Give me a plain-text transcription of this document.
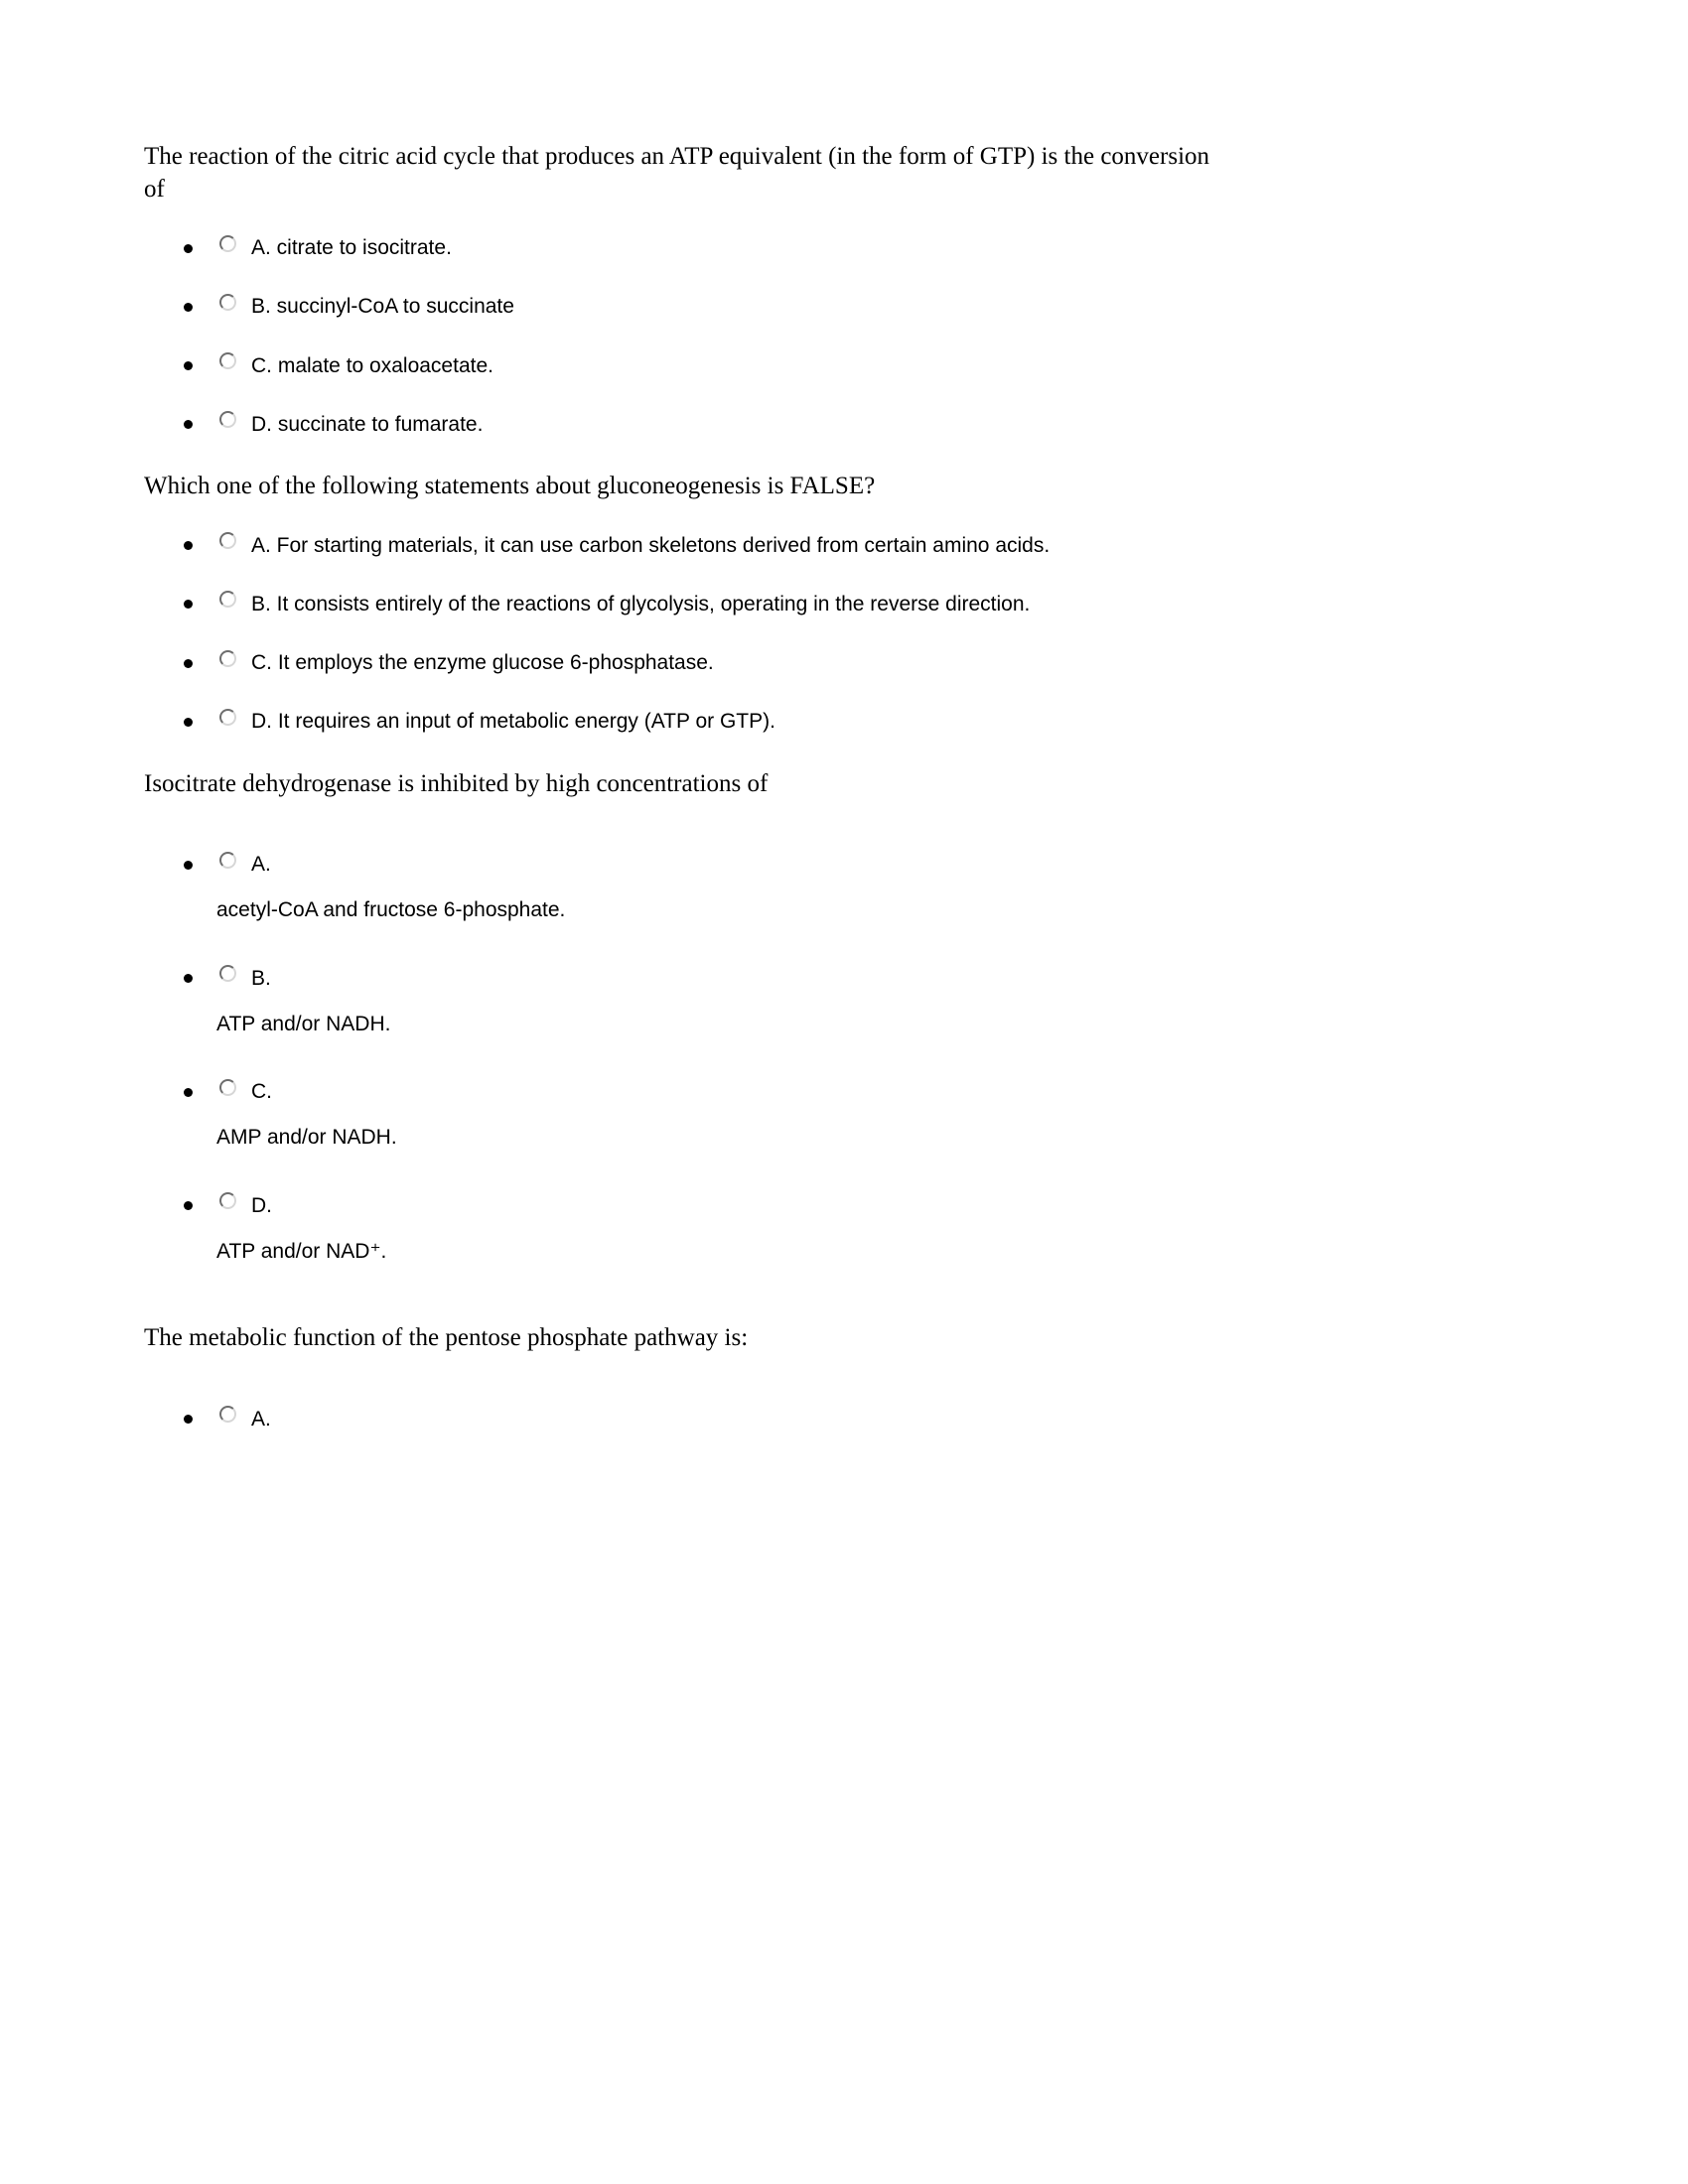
The reaction of the citric acid cycle that produces an ATP equivalent (in the form of GTP) is the conversion of

A. citrate to isocitrate.
B. succinyl-CoA to succinate
C. malate to oxaloacetate.
D. succinate to fumarate.

Which one of the following statements about gluconeogenesis is FALSE?

A. For starting materials, it can use carbon skeletons derived from certain amino acids.
B. It consists entirely of the reactions of glycolysis, operating in the reverse direction.
C. It employs the enzyme glucose 6-phosphatase.
D. It requires an input of metabolic energy (ATP or GTP).

Isocitrate dehydrogenase is inhibited by high concentrations of

A.
acetyl-CoA and fructose 6-phosphate.
B.
ATP and/or NADH.
C.
AMP and/or NADH.
D.
ATP and/or NAD⁺.

The metabolic function of the pentose phosphate pathway is:

A.
